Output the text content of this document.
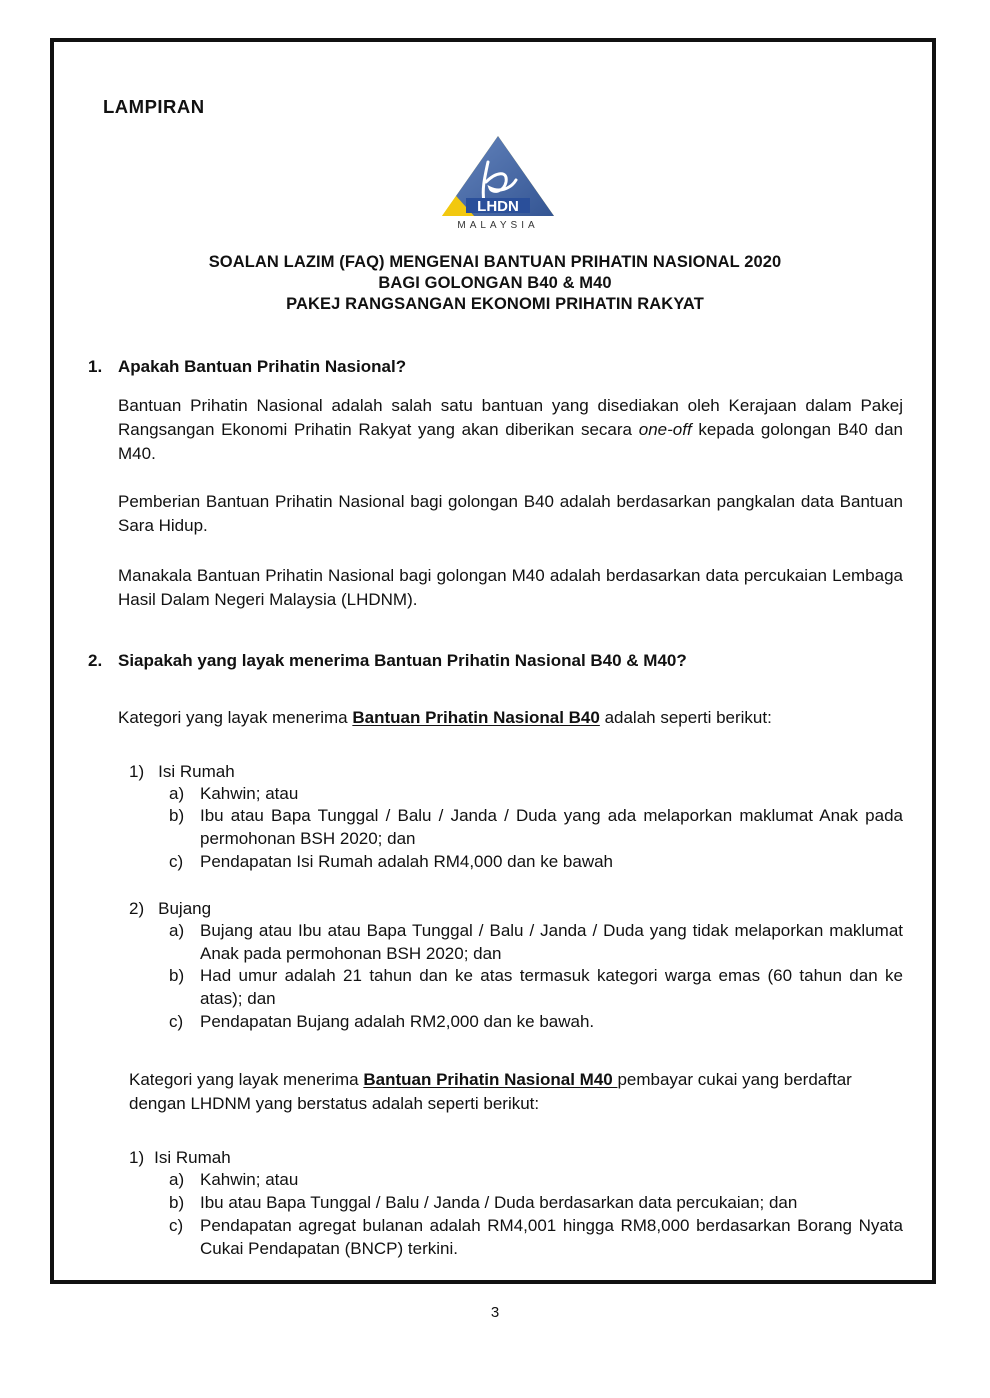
LAMPIRAN
LHDN
MALAYSIA
SOALAN LAZIM (FAQ) MENGENAI BANTUAN PRIHATIN NASIONAL 2020
BAGI GOLONGAN B40 & M40
PAKEJ RANGSANGAN EKONOMI PRIHATIN RAKYAT
1. Apakah Bantuan Prihatin Nasional?

Bantuan Prihatin Nasional adalah salah satu bantuan yang disediakan oleh Kerajaan dalam Pakej Rangsangan Ekonomi Prihatin Rakyat yang akan diberikan secara one-off kepada golongan B40 dan M40.

Pemberian Bantuan Prihatin Nasional bagi golongan B40 adalah berdasarkan pangkalan data Bantuan Sara Hidup.

Manakala Bantuan Prihatin Nasional bagi golongan M40 adalah berdasarkan data percukaian Lembaga Hasil Dalam Negeri Malaysia (LHDNM).

2. Siapakah yang layak menerima Bantuan Prihatin Nasional B40 & M40?
Kategori yang layak menerima Bantuan Prihatin Nasional B40 adalah seperti berikut:
1) Isi Rumah
a) Kahwin; atau
b) Ibu atau Bapa Tunggal / Balu / Janda / Duda yang ada melaporkan maklumat Anak pada permohonan BSH 2020; dan
c) Pendapatan Isi Rumah adalah RM4,000 dan ke bawah
2) Bujang
a) Bujang atau Ibu atau Bapa Tunggal / Balu / Janda / Duda yang tidak melaporkan maklumat Anak pada permohonan BSH 2020; dan
b) Had umur adalah 21 tahun dan ke atas termasuk kategori warga emas (60 tahun dan ke atas); dan
c) Pendapatan Bujang adalah RM2,000 dan ke bawah.
Kategori yang layak menerima Bantuan Prihatin Nasional M40 pembayar cukai yang berdaftar
dengan LHDNM yang berstatus adalah seperti berikut:
1) Isi Rumah
a) Kahwin; atau
b) Ibu atau Bapa Tunggal / Balu / Janda / Duda berdasarkan data percukaian; dan
c) Pendapatan agregat bulanan adalah RM4,001 hingga RM8,000 berdasarkan Borang Nyata Cukai Pendapatan (BNCP) terkini.
3
